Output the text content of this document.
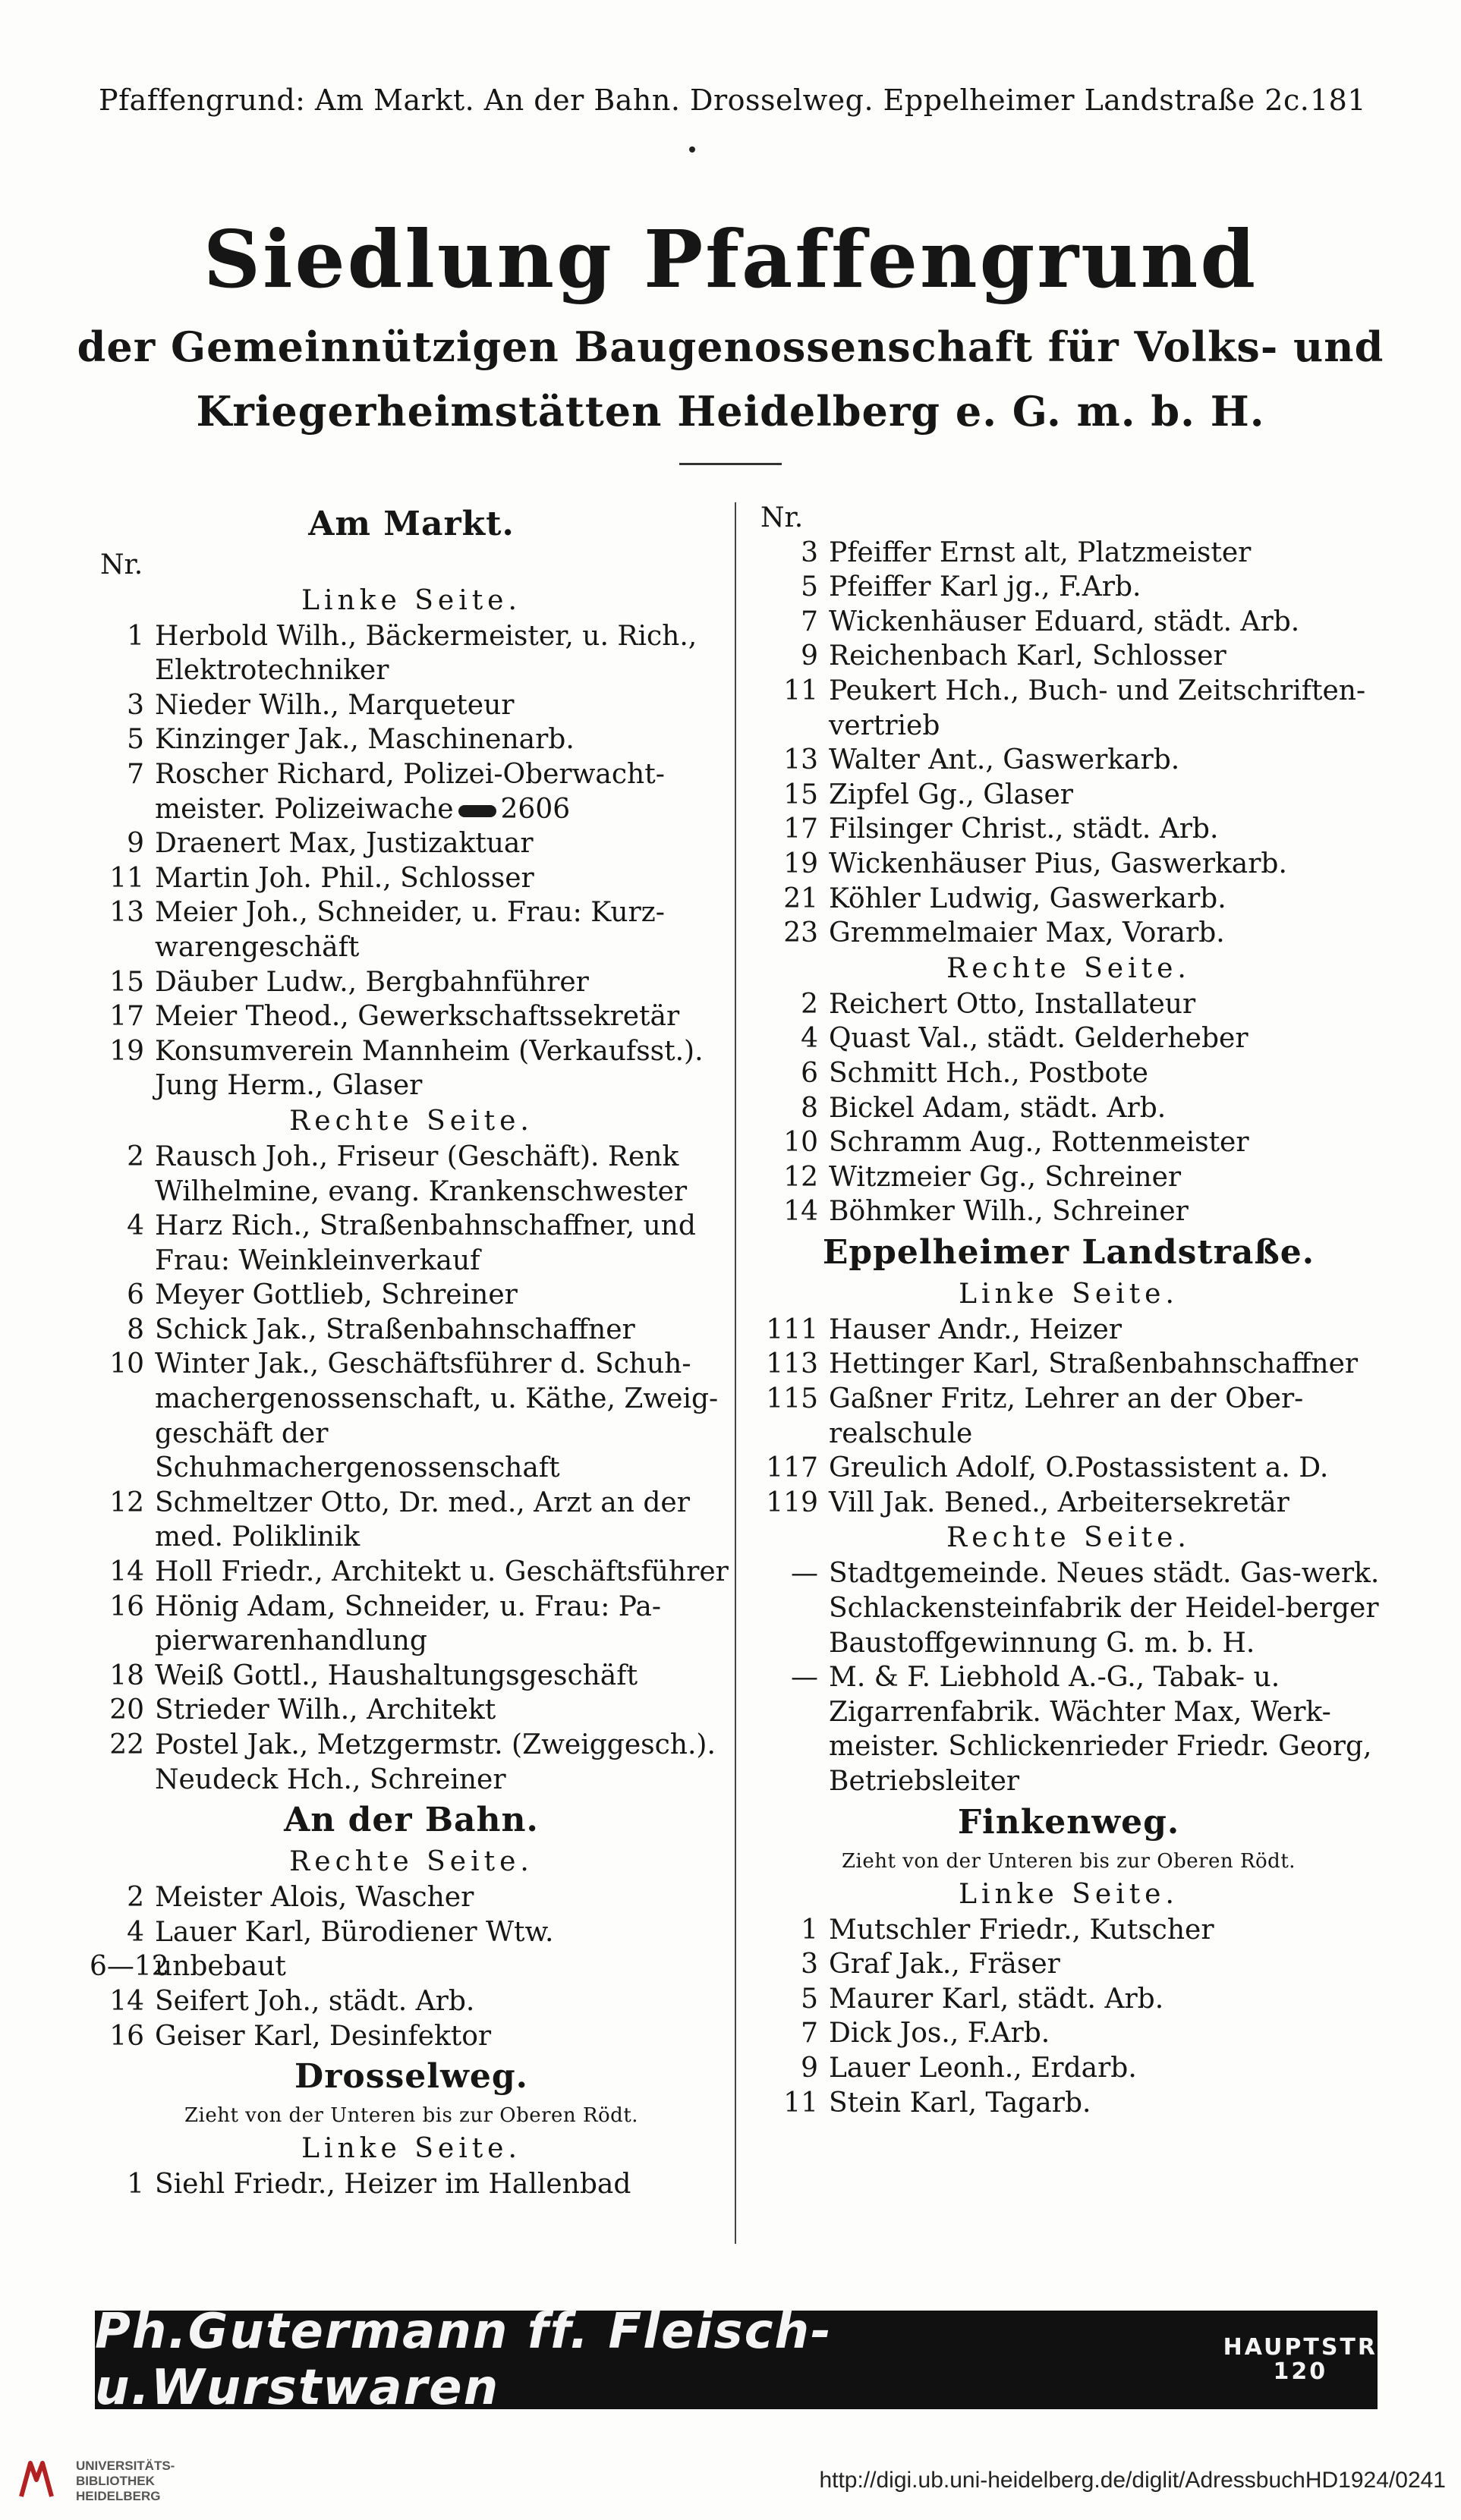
Pfaffengrund: Am Markt. An der Bahn. Drosselweg. Eppelheimer Landstraße 2c. 181
Siedlung Pfaffengrund
der Gemeinnützigen Baugenossenschaft für Volks- und
Kriegerheimstätten Heidelberg e. G. m. b. H.
Am Markt.
Nr.
Linke Seite.
1 Herbold Wilh., Bäckermeister, u. Rich., Elektrotechniker
3 Nieder Wilh., Marqueteur
5 Kinzinger Jak., Maschinenarb.
7 Roscher Richard, Polizei-Oberwacht-meister. Polizeiwache 2606
9 Draenert Max, Justizaktuar
11 Martin Joh. Phil., Schlosser
13 Meier Joh., Schneider, u. Frau: Kurz-warengeschäft
15 Däuber Ludw., Bergbahnführer
17 Meier Theod., Gewerkschaftssekretär
19 Konsumverein Mannheim (Verkaufsst.). Jung Herm., Glaser
Rechte Seite.
2 Rausch Joh., Friseur (Geschäft). Renk Wilhelmine, evang. Krankenschwester
4 Harz Rich., Straßenbahnschaffner, und Frau: Weinkleinverkauf
6 Meyer Gottlieb, Schreiner
8 Schick Jak., Straßenbahnschaffner
10 Winter Jak., Geschäftsführer d. Schuh-machergenossenschaft, u. Käthe, Zweig-geschäft der Schuhmachergenossenschaft
12 Schmeltzer Otto, Dr. med., Arzt an der med. Poliklinik
14 Holl Friedr., Architekt u. Geschäftsführer
16 Hönig Adam, Schneider, u. Frau: Pa-pierwarenhandlung
18 Weiß Gottl., Haushaltungsgeschäft
20 Strieder Wilh., Architekt
22 Postel Jak., Metzgermstr. (Zweiggesch.). Neudeck Hch., Schreiner
An der Bahn.
Rechte Seite.
2 Meister Alois, Wascher
4 Lauer Karl, Bürodiener Wtw.
6—12
unbebaut
14 Seifert Joh., städt. Arb.
16 Geiser Karl, Desinfektor
Drosselweg.
Zieht von der Unteren bis zur Oberen Rödt.
Linke Seite.
1 Siehl Friedr., Heizer im Hallenbad
Nr.
3 Pfeiffer Ernst alt, Platzmeister
5 Pfeiffer Karl jg., F.Arb.
7 Wickenhäuser Eduard, städt. Arb.
9 Reichenbach Karl, Schlosser
11 Peukert Hch., Buch- und Zeitschriften-vertrieb
13 Walter Ant., Gaswerkarb.
15 Zipfel Gg., Glaser
17 Filsinger Christ., städt. Arb.
19 Wickenhäuser Pius, Gaswerkarb.
21 Köhler Ludwig, Gaswerkarb.
23 Gremmelmaier Max, Vorarb.
Rechte Seite.
2 Reichert Otto, Installateur
4 Quast Val., städt. Gelderheber
6 Schmitt Hch., Postbote
8 Bickel Adam, städt. Arb.
10 Schramm Aug., Rottenmeister
12 Witzmeier Gg., Schreiner
14 Böhmker Wilh., Schreiner
Eppelheimer Landstraße.
Linke Seite.
111 Hauser Andr., Heizer
113 Hettinger Karl, Straßenbahnschaffner
115 Gaßner Fritz, Lehrer an der Ober-realschule
117 Greulich Adolf, O.Postassistent a. D.
119 Vill Jak. Bened., Arbeitersekretär
Rechte Seite.
— Stadtgemeinde. Neues städt. Gas-werk. Schlackensteinfabrik der Heidel-berger Baustoffgewinnung G. m. b. H.
— M. & F. Liebhold A.-G., Tabak- u. Zigarrenfabrik. Wächter Max, Werk-meister. Schlickenrieder Friedr. Georg, Betriebsleiter
Finkenweg.
Zieht von der Unteren bis zur Oberen Rödt.
Linke Seite.
1 Mutschler Friedr., Kutscher
3 Graf Jak., Fräser
5 Maurer Karl, städt. Arb.
7 Dick Jos., F.Arb.
9 Lauer Leonh., Erdarb.
11 Stein Karl, Tagarb.
Ph.Gutermann ff. Fleisch-u.Wurstwaren
HAUPTSTR
120
UNIVERSITÄTS-
BIBLIOTHEK
HEIDELBERG
http://digi.ub.uni-heidelberg.de/diglit/AdressbuchHD1924/0241
